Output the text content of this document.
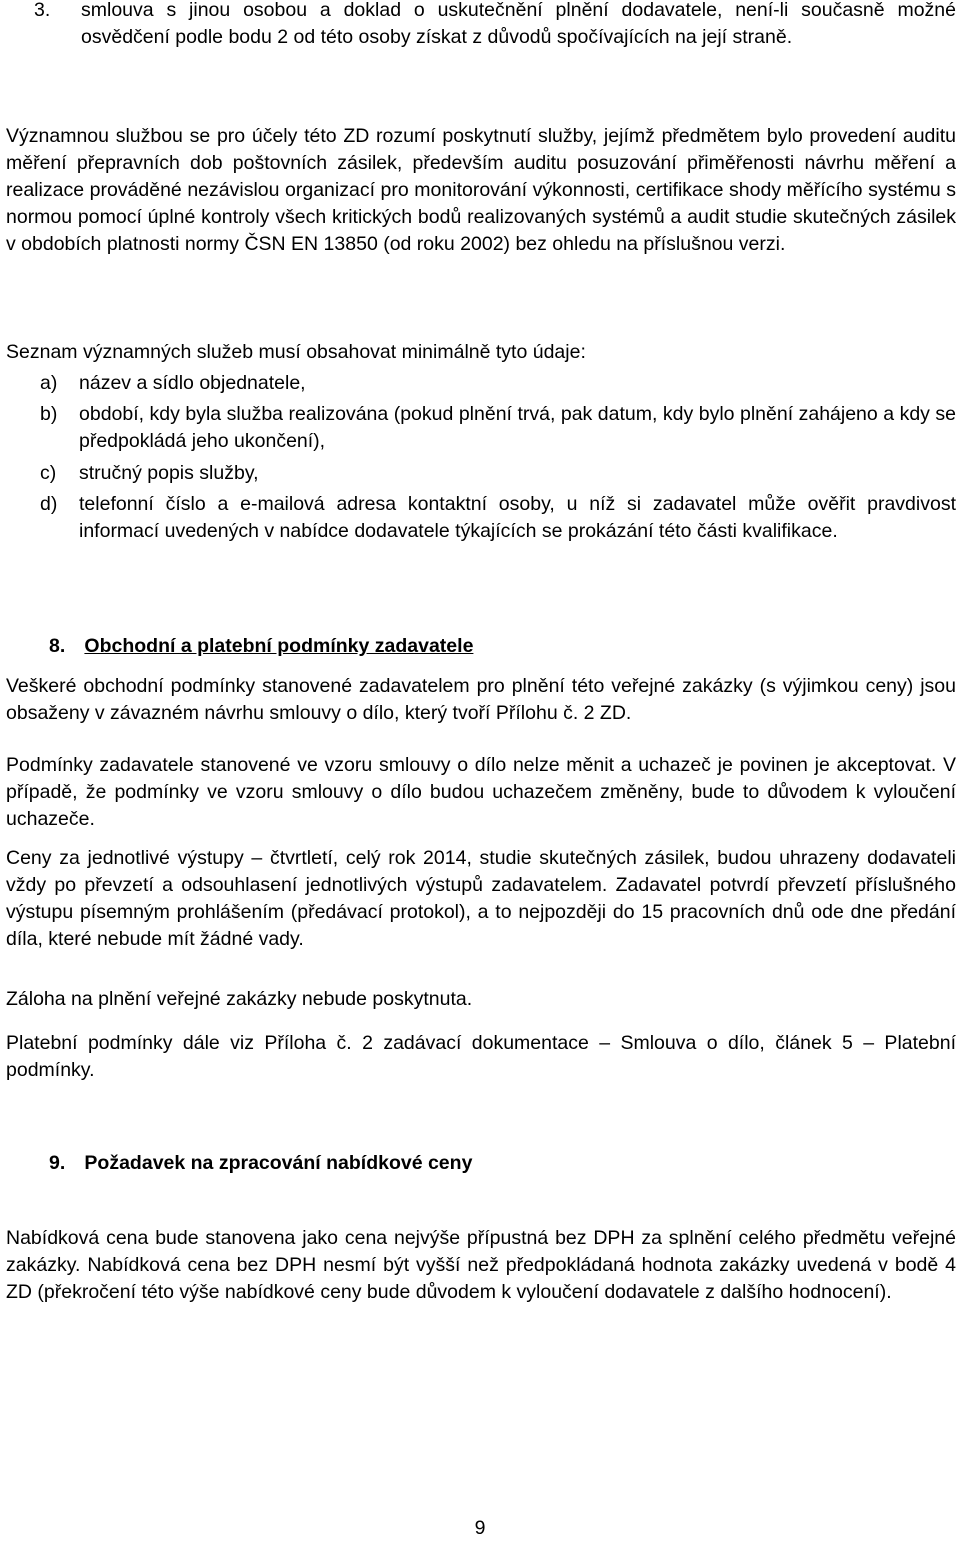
3.	smlouva s jinou osobou a doklad o uskutečnění plnění dodavatele, není-li současně možné osvědčení podle bodu 2 od této osoby získat z důvodů spočívajících na její straně.

Významnou službou se pro účely této ZD rozumí poskytnutí služby, jejímž předmětem bylo provedení auditu měření přepravních dob poštovních zásilek, především auditu posuzování přiměřenosti návrhu měření a realizace prováděné nezávislou organizací pro monitorování výkonnosti, certifikace shody měřícího systému s normou pomocí úplné kontroly všech kritických bodů realizovaných systémů a audit studie skutečných zásilek v obdobích platnosti normy ČSN EN 13850 (od roku 2002) bez ohledu na příslušnou verzi.

Seznam významných služeb musí obsahovat minimálně tyto údaje:

a) název a sídlo objednatele,

b) období, kdy byla služba realizována (pokud plnění trvá, pak datum, kdy bylo plnění zahájeno a kdy se předpokládá jeho ukončení),

c) stručný popis služby,

d) telefonní číslo a e-mailová adresa kontaktní osoby, u níž si zadavatel může ověřit pravdivost informací uvedených v nabídce dodavatele týkajících se prokázání této části kvalifikace.

8. Obchodní a platební podmínky zadavatele

Veškeré obchodní podmínky stanovené zadavatelem pro plnění této veřejné zakázky (s výjimkou ceny) jsou obsaženy v závazném návrhu smlouvy o dílo, který tvoří Přílohu č. 2 ZD.

Podmínky zadavatele stanovené ve vzoru smlouvy o dílo nelze měnit a uchazeč je povinen je akceptovat. V případě, že podmínky ve vzoru smlouvy o dílo budou uchazečem změněny, bude to důvodem k vyloučení uchazeče.

Ceny za jednotlivé výstupy – čtvrtletí, celý rok 2014, studie skutečných zásilek, budou uhrazeny dodavateli vždy po převzetí a odsouhlasení jednotlivých výstupů zadavatelem. Zadavatel potvrdí převzetí příslušného výstupu písemným prohlášením (předávací protokol), a to nejpozději do 15 pracovních dnů ode dne předání díla, které nebude mít žádné vady.

Záloha na plnění veřejné zakázky nebude poskytnuta.

Platební podmínky dále viz Příloha č. 2 zadávací dokumentace – Smlouva o dílo, článek 5 – Platební podmínky.

9. Požadavek na zpracování nabídkové ceny

Nabídková cena bude stanovena jako cena nejvýše přípustná bez DPH za splnění celého předmětu veřejné zakázky. Nabídková cena bez DPH nesmí být vyšší než předpokládaná hodnota zakázky uvedená v bodě 4 ZD (překročení této výše nabídkové ceny bude důvodem k vyloučení dodavatele z dalšího hodnocení).

9
